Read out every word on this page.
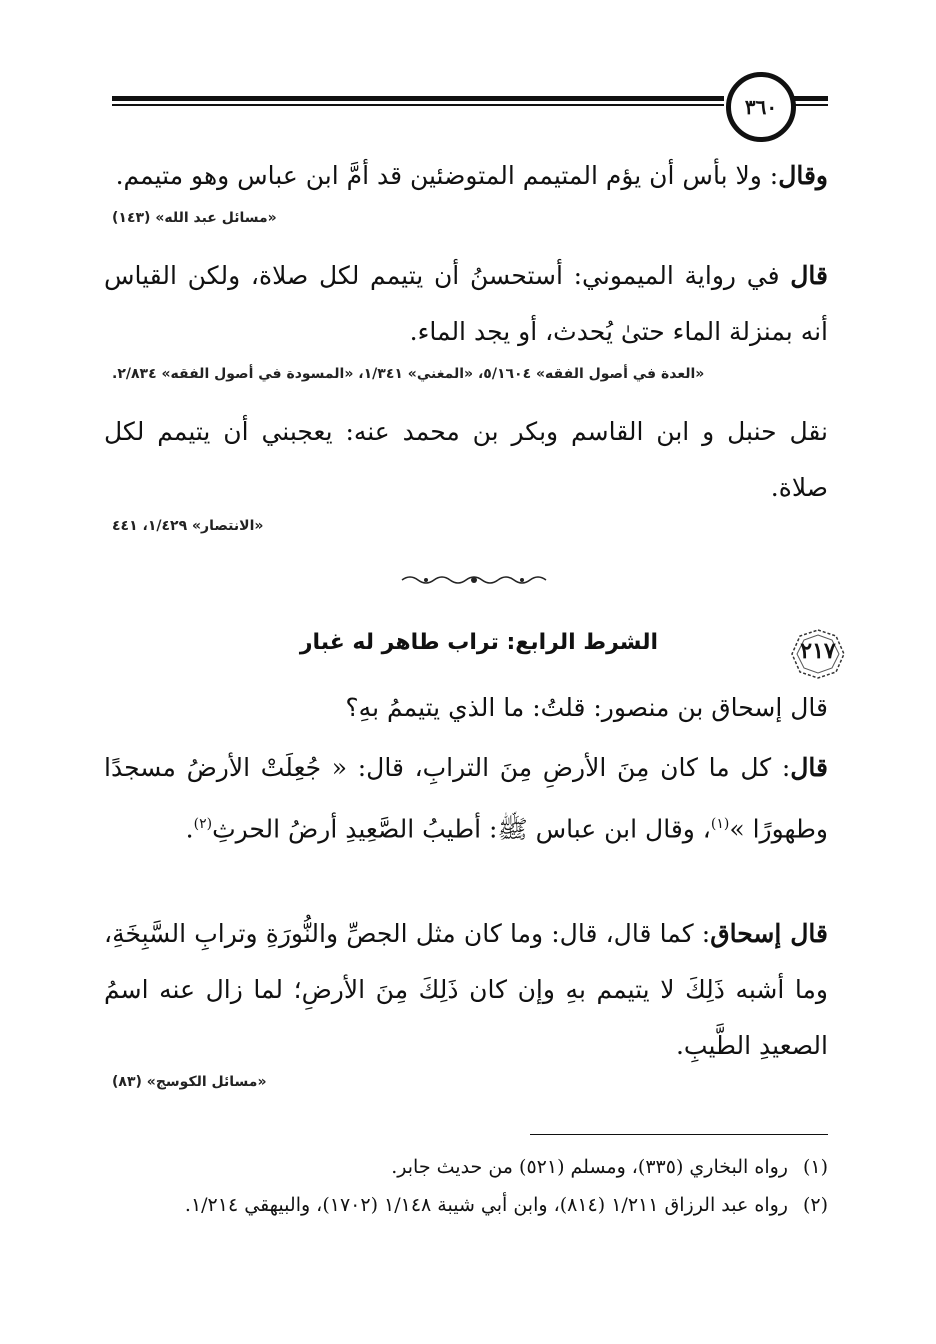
٣٦٠

وقال: ولا بأس أن يؤم المتيمم المتوضئين قد أمَّ ابن عباس وهو متيمم.

«مسائل عبد الله» (١٤٣)

قال في رواية الميموني: أستحسنُ أن يتيمم لكل صلاة، ولكن القياس أنه بمنزلة الماء حتىٰ يُحدث، أو يجد الماء.

«العدة في أصول الفقه» ٥/١٦٠٤، «المغني» ١/٣٤١، «المسودة في أصول الفقه» ٢/٨٣٤.

نقل حنبل و ابن القاسم وبكر بن محمد عنه: يعجبني أن يتيمم لكل صلاة.

«الانتصار» ١/٤٢٩، ٤٤١
٢١٧
الشرط الرابع: تراب طاهر له غبار

قال إسحاق بن منصور: قلتُ: ما الذي يتيممُ بهِ؟

قال: كل ما كان مِنَ الأرضِ مِنَ الترابِ، قال: « جُعِلَتْ الأرضُ مسجدًا وطهورًا »$^{(١)}$، وقال ابن عباس ﷺ: أطيبُ الصَّعِيدِ أرضُ الحرثِ$^{(٢)}$.

قال إسحاق: كما قال، قال: وما كان مثل الجصِّ والنُّورَةِ وترابِ السَّبِخَةِ، وما أشبه ذَلِكَ لا يتيمم بهِ وإن كان ذَلِكَ مِنَ الأرضِ؛ لما زال عنه اسمُ الصعيدِ الطَّيبِ.

«مسائل الكوسج» (٨٣)
(١) رواه البخاري (٣٣٥)، ومسلم (٥٢١) من حديث جابر.
(٢) رواه عبد الرزاق ١/٢١١ (٨١٤)، وابن أبي شيبة ١/١٤٨ (١٧٠٢)، والبيهقي ١/٢١٤.
